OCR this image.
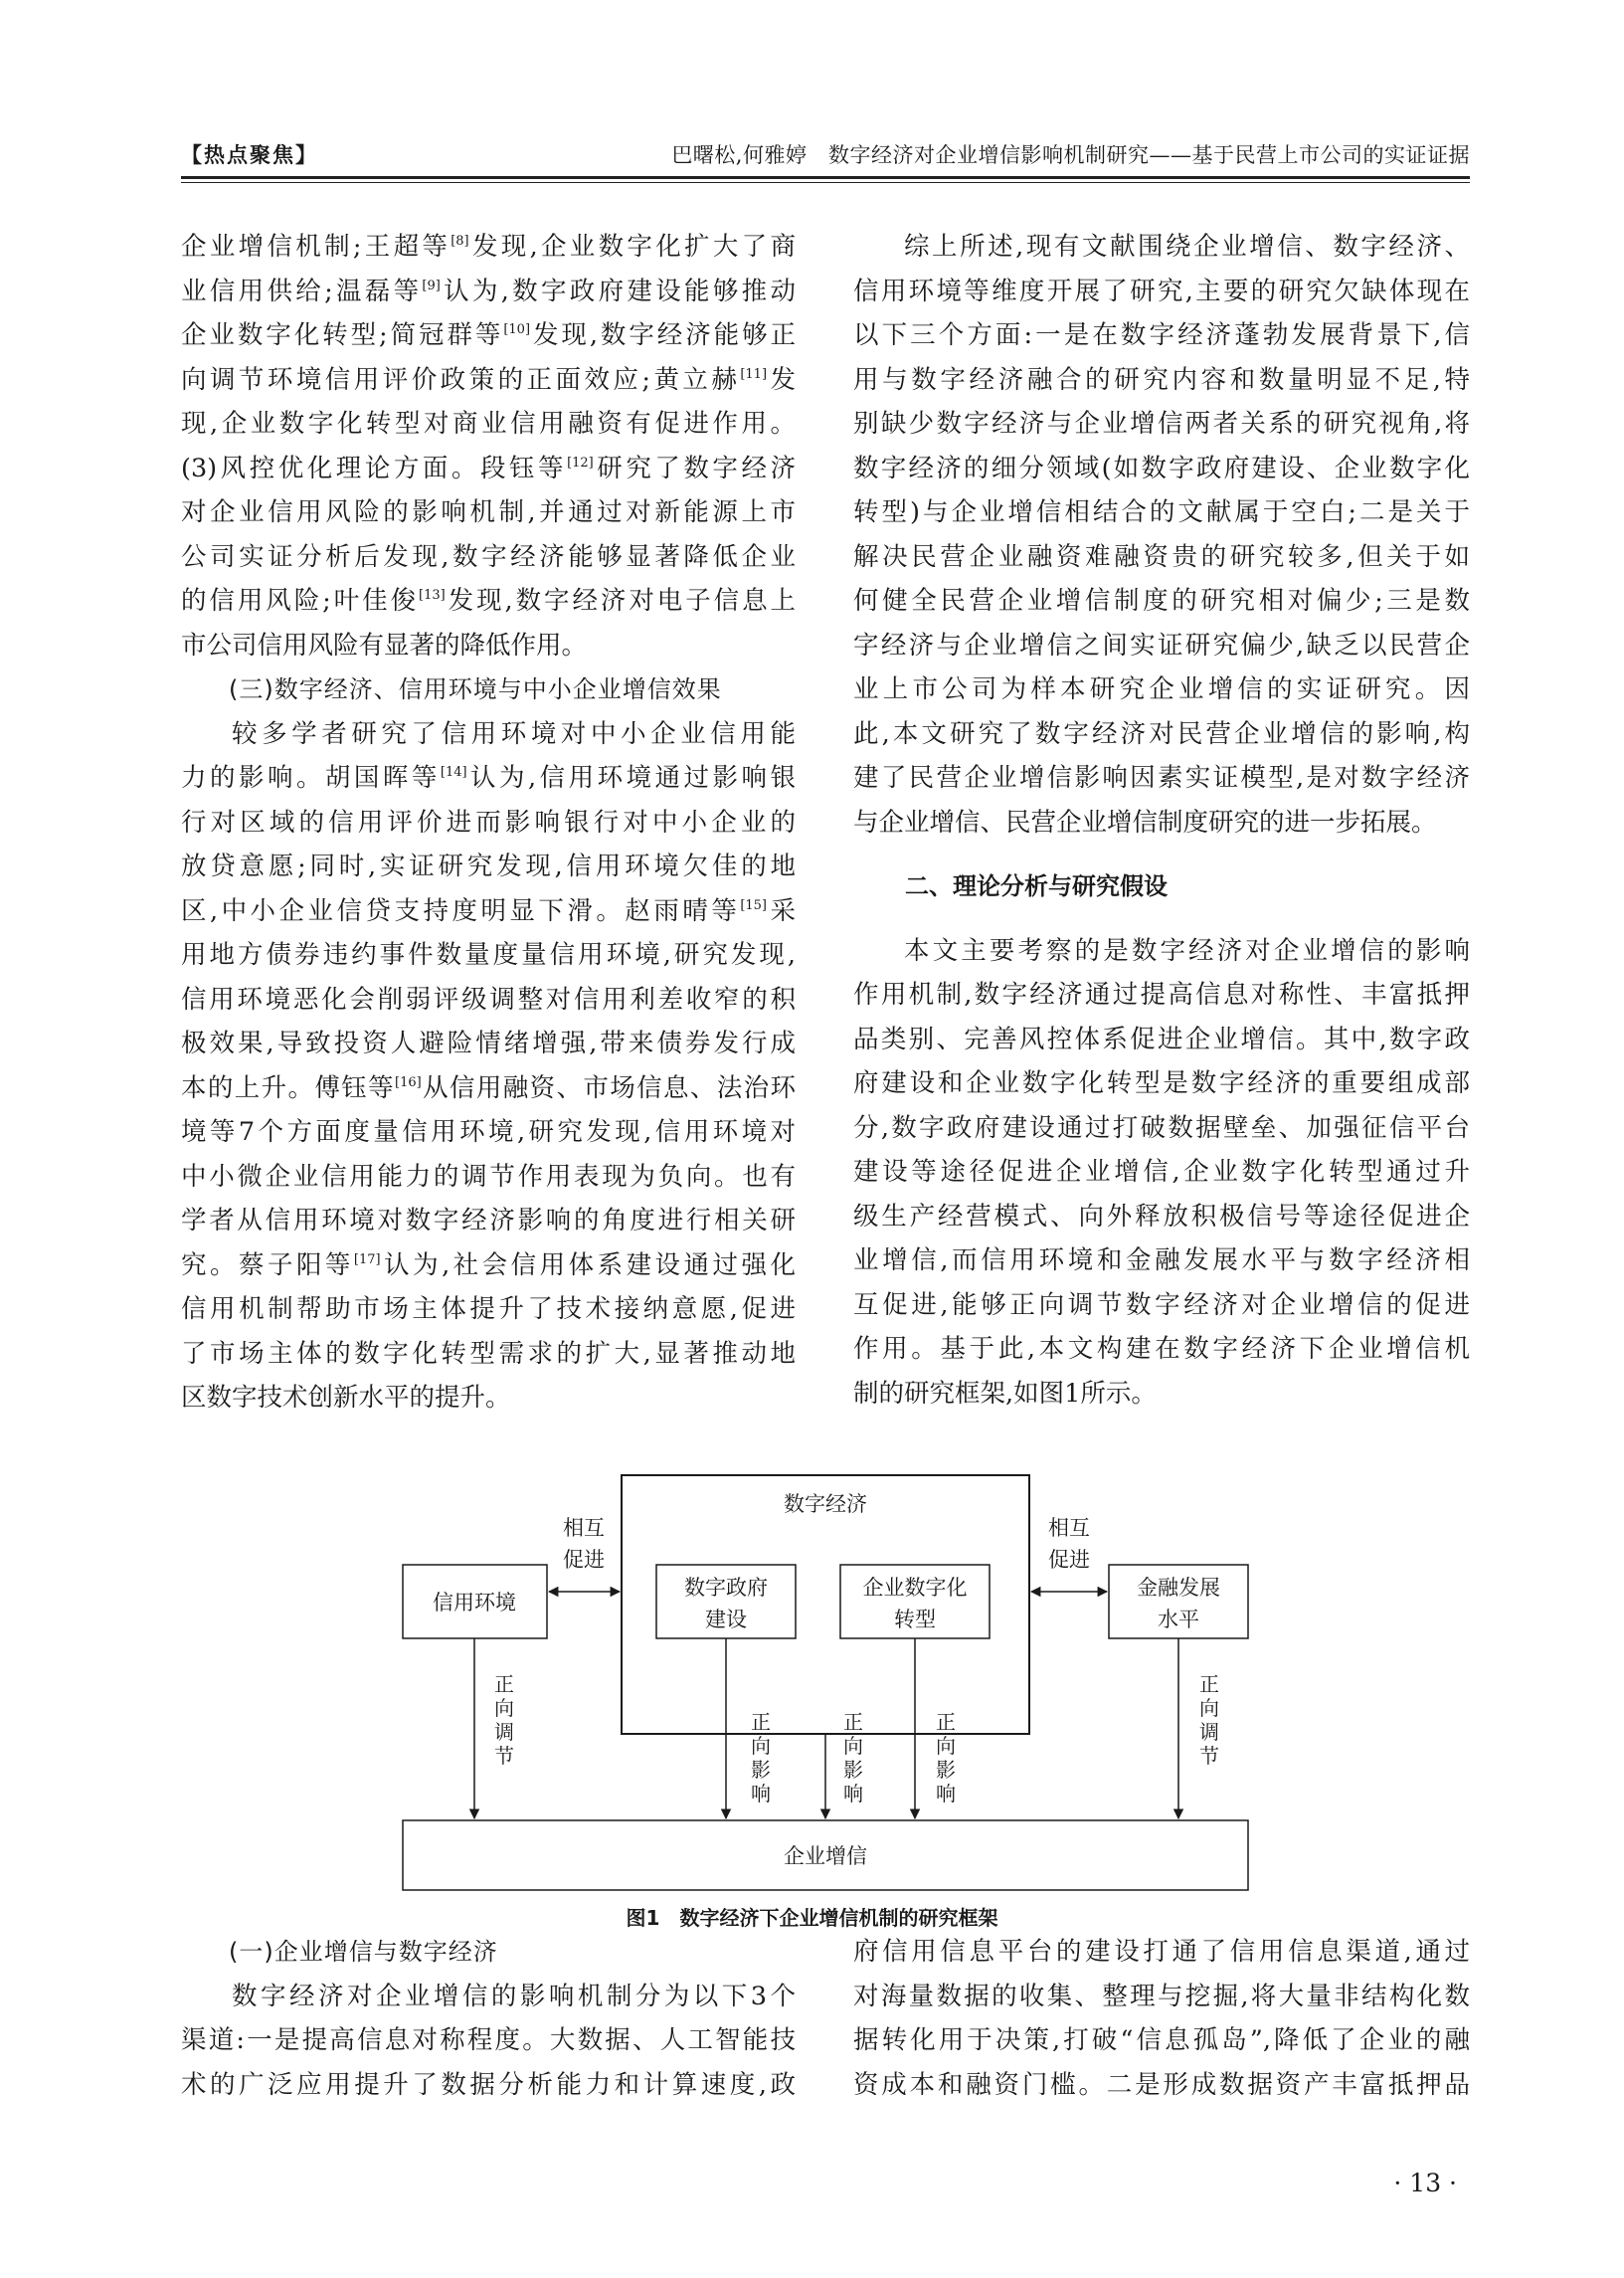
【热点聚焦】	巴曙松,何雅婷　数字经济对企业增信影响机制研究——基于民营上市公司的实证证据

企业增信机制;王超等[8]发现,企业数字化扩大了商

业信用供给;温磊等[9]认为,数字政府建设能够推动

企业数字化转型;简冠群等[10]发现,数字经济能够正

向调节环境信用评价政策的正面效应;黄立赫[11]发

现,企业数字化转型对商业信用融资有促进作用。

(3)风控优化理论方面。段钰等[12]研究了数字经济

对企业信用风险的影响机制,并通过对新能源上市

公司实证分析后发现,数字经济能够显著降低企业

的信用风险;叶佳俊[13]发现,数字经济对电子信息上

市公司信用风险有显著的降低作用。

(三)数字经济、信用环境与中小企业增信效果

较多学者研究了信用环境对中小企业信用能

力的影响。胡国晖等[14]认为,信用环境通过影响银

行对区域的信用评价进而影响银行对中小企业的

放贷意愿;同时,实证研究发现,信用环境欠佳的地

区,中小企业信贷支持度明显下滑。赵雨晴等[15]采

用地方债券违约事件数量度量信用环境,研究发现,

信用环境恶化会削弱评级调整对信用利差收窄的积

极效果,导致投资人避险情绪增强,带来债券发行成

本的上升。傅钰等[16]从信用融资、市场信息、法治环

境等7个方面度量信用环境,研究发现,信用环境对

中小微企业信用能力的调节作用表现为负向。也有

学者从信用环境对数字经济影响的角度进行相关研

究。蔡子阳等[17]认为,社会信用体系建设通过强化

信用机制帮助市场主体提升了技术接纳意愿,促进

了市场主体的数字化转型需求的扩大,显著推动地

区数字技术创新水平的提升。

综上所述,现有文献围绕企业增信、数字经济、

信用环境等维度开展了研究,主要的研究欠缺体现在

以下三个方面:一是在数字经济蓬勃发展背景下,信

用与数字经济融合的研究内容和数量明显不足,特

别缺少数字经济与企业增信两者关系的研究视角,将

数字经济的细分领域(如数字政府建设、企业数字化

转型)与企业增信相结合的文献属于空白;二是关于

解决民营企业融资难融资贵的研究较多,但关于如

何健全民营企业增信制度的研究相对偏少;三是数

字经济与企业增信之间实证研究偏少,缺乏以民营企

业上市公司为样本研究企业增信的实证研究。因

此,本文研究了数字经济对民营企业增信的影响,构

建了民营企业增信影响因素实证模型,是对数字经济

与企业增信、民营企业增信制度研究的进一步拓展。

二、理论分析与研究假设

本文主要考察的是数字经济对企业增信的影响

作用机制,数字经济通过提高信息对称性、丰富抵押

品类别、完善风控体系促进企业增信。其中,数字政

府建设和企业数字化转型是数字经济的重要组成部

分,数字政府建设通过打破数据壁垒、加强征信平台

建设等途径促进企业增信,企业数字化转型通过升

级生产经营模式、向外释放积极信号等途径促进企

业增信,而信用环境和金融发展水平与数字经济相

互促进,能够正向调节数字经济对企业增信的促进

作用。基于此,本文构建在数字经济下企业增信机

制的研究框架,如图1所示。

数字经济
数字政府
建设
企业数字化
转型
信用环境
金融发展
水平
相互
促进
相互
促进
企业增信
正
向
调
节
正
向
调
节
正
向
影
响
正
向
影
响
正
向
影
响
图1 数字经济下企业增信机制的研究框架

(一)企业增信与数字经济

数字经济对企业增信的影响机制分为以下3个

渠道:一是提高信息对称程度。大数据、人工智能技

术的广泛应用提升了数据分析能力和计算速度,政

府信用信息平台的建设打通了信用信息渠道,通过

对海量数据的收集、整理与挖掘,将大量非结构化数

据转化用于决策,打破“信息孤岛”,降低了企业的融

资成本和融资门槛。二是形成数据资产丰富抵押品

· 13 ·
